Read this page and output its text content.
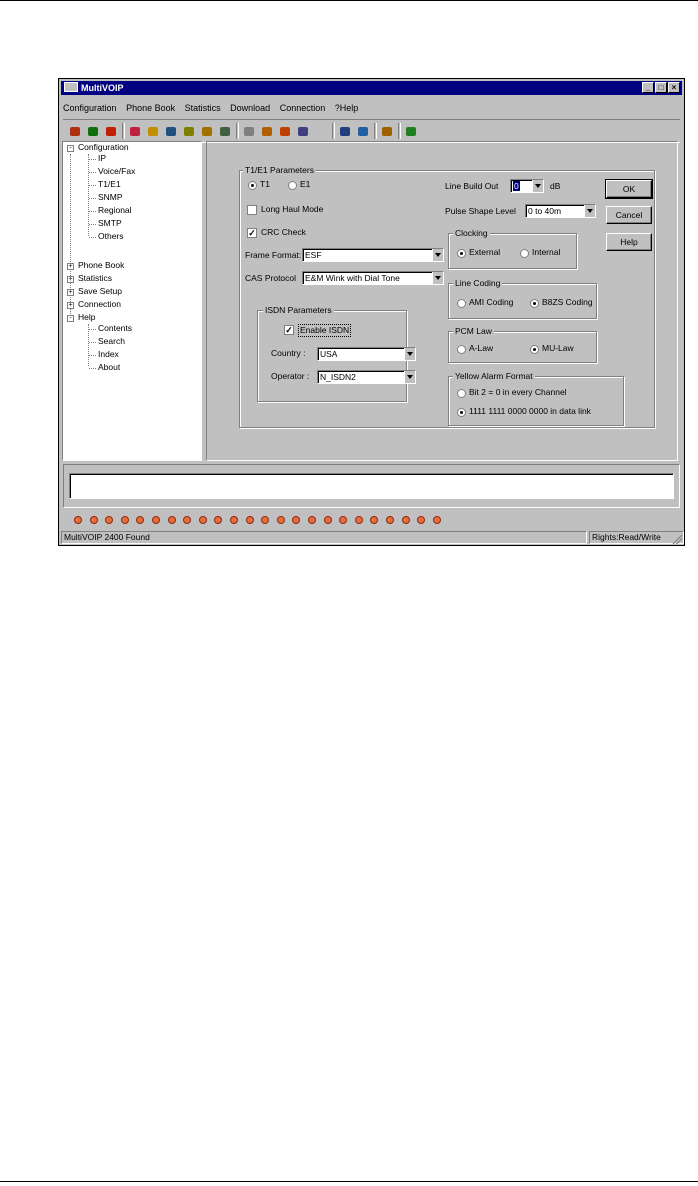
MultiVOIP	_	□	×
Configuration Phone Book Statistics Download Connection ?Help
- Configuration
IP
Voice/Fax
T1/E1
SNMP
Regional
SMTP
Others
+ Phone Book
+ Statistics
+ Save Setup
+ Connection
- Help
Contents
Search
Index
About
T1/E1 Parameters
T1	E1
Long Haul Mode
✓ CRC Check
Frame Format: ESF
CAS Protocol	E&M Wink with Dial Tone
ISDN Parameters
✓ Enable ISDN
Country :	USA
Operator :	N_ISDN2
Line Build Out	0	dB
Pulse Shape Level	0 to 40m
Clocking
External	Internal
Line Coding
AMI Coding	B8ZS Coding
PCM Law
A-Law	MU-Law
Yellow Alarm Format
Bit 2 = 0 in every Channel
1111 1111 0000 0000 in data link
OK
Cancel
Help
MultiVOIP 2400 Found	Rights:Read/Write
